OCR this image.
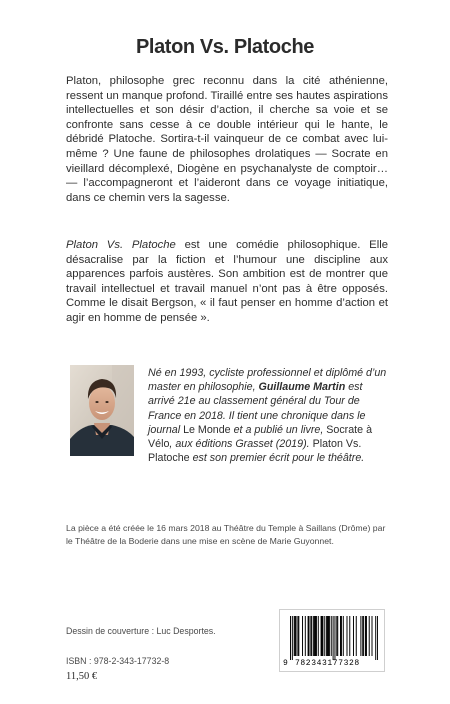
Platon Vs. Platoche

Platon, philosophe grec reconnu dans la cité athénienne, ressent un manque profond. Tiraillé entre ses hautes aspirations intellectuelles et son désir d’action, il cherche sa voie et se confronte sans cesse à ce double intérieur qui le hante, le débridé Platoche. Sortira-t-il vainqueur de ce combat avec lui-même ? Une faune de philosophes drolatiques — Socrate en vieillard décomplexé, Diogène en psychanalyste de comptoir… — l’accompagneront et l’aideront dans ce voyage initiatique, dans ce chemin vers la sagesse.

Platon Vs. Platoche est une comédie philosophique. Elle désacralise par la fiction et l’humour une discipline aux apparences parfois austères. Son ambition est de montrer que travail intellectuel et travail manuel n’ont pas à être opposés. Comme le disait Bergson, « il faut penser en homme d’action et agir en homme de pensée ».

Né en 1993, cycliste professionnel et diplômé d’un master en philosophie, Guillaume Martin est arrivé 21e au classement général du Tour de France en 2018. Il tient une chronique dans le journal Le Monde et a publié un livre, Socrate à Vélo, aux éditions Grasset (2019). Platon Vs. Platoche est son premier écrit pour le théâtre.
La pièce a été créée le 16 mars 2018 au Théâtre du Temple à Saillans (Drôme) par le Théâtre de la Boderie dans une mise en scène de Marie Guyonnet.
Dessin de couverture : Luc Desportes.
ISBN : 978-2-343-17732-8
11,50 €
9 782343177328
